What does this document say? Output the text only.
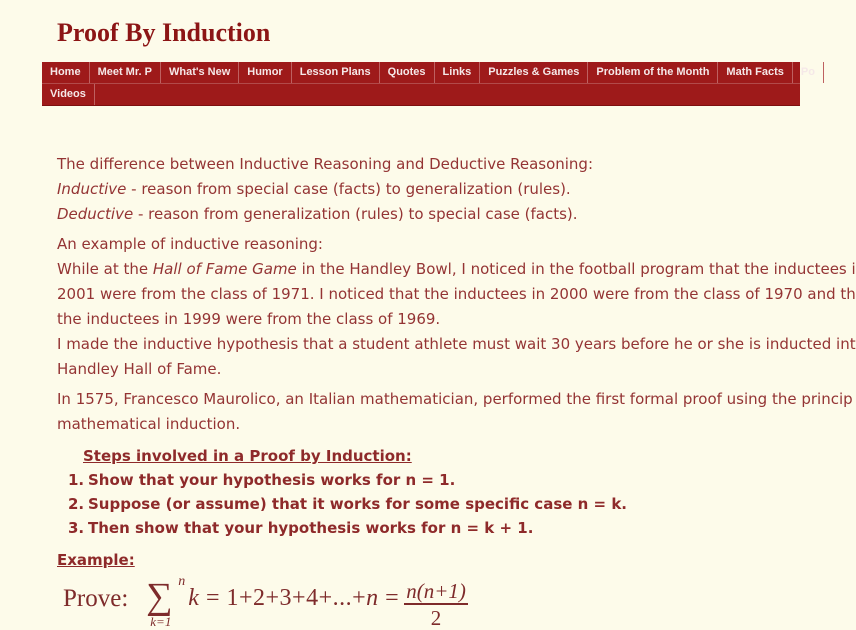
Proof By Induction
Home	Meet Mr. P	What's New	Humor	Lesson Plans	Quotes	Links	Puzzles & Games	Problem of the Month	Math Facts	Po
Videos
The difference between Inductive Reasoning and Deductive Reasoning:
Inductive - reason from special case (facts) to generalization (rules).
Deductive - reason from generalization (rules) to special case (facts).
An example of inductive reasoning:
While at the Hall of Fame Game in the Handley Bowl, I noticed in the football program that the inductees i
2001 were from the class of 1971. I noticed that the inductees in 2000 were from the class of 1970 and th
the inductees in 1999 were from the class of 1969.
I made the inductive hypothesis that a student athlete must wait 30 years before he or she is inducted int
Handley Hall of Fame.
In 1575, Francesco Maurolico, an Italian mathematician, performed the first formal proof using the princip
mathematical induction.
Steps involved in a Proof by Induction:
1. Show that your hypothesis works for n = 1.
2. Suppose (or assume) that it works for some specific case n = k.
3. Then show that your hypothesis works for n = k + 1.
Example:
Prove:
n
∑
k=1
$k = 1+2+3+4+...+n = \frac{n(n+1)}{2}$
